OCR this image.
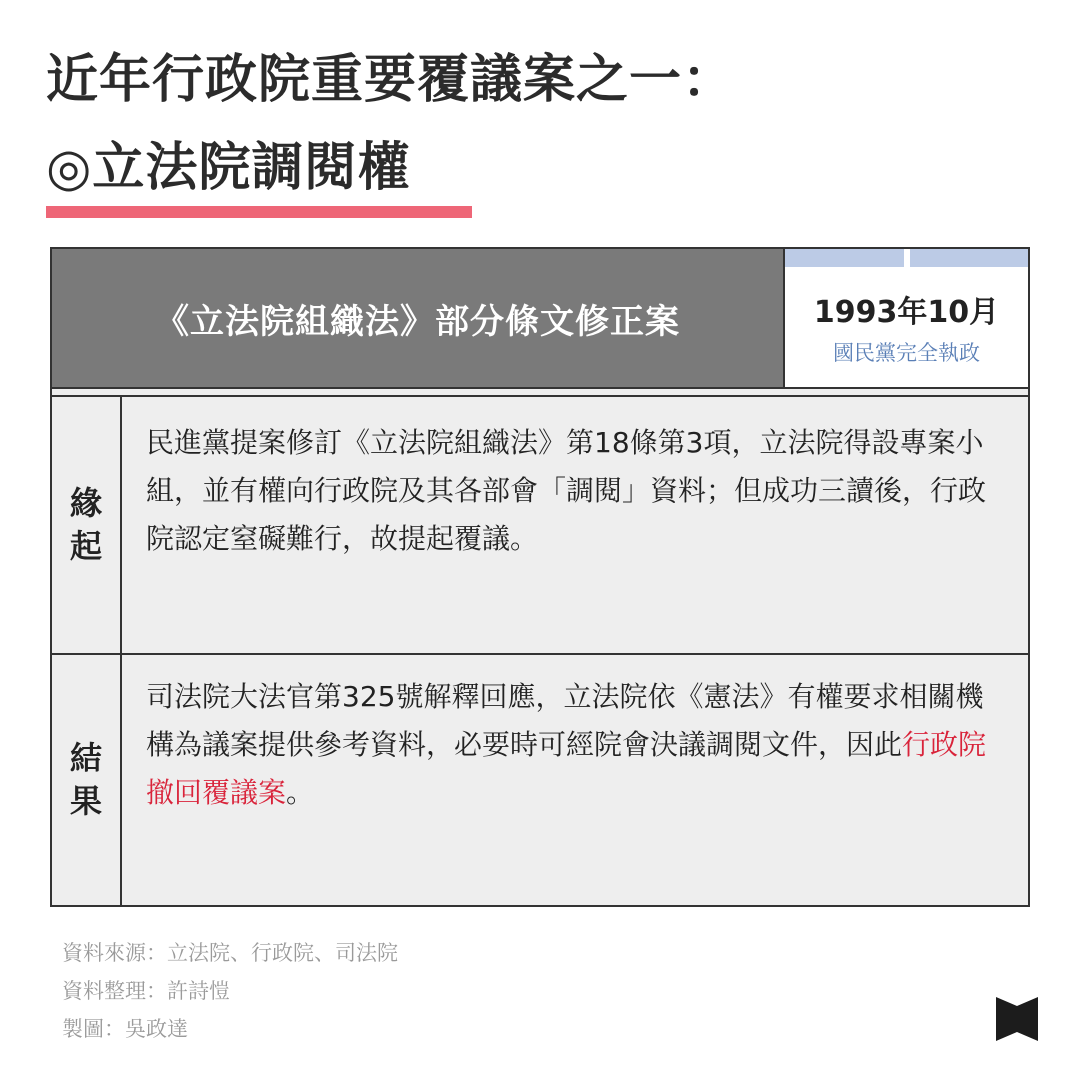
近年行政院重要覆議案之一：
◎立法院調閱權
《立法院組織法》部分條文修正案	1993年10月
國民黨完全執政
緣
起
民進黨提案修訂《立法院組織法》第18條第3項，立法院得設專案小組，並有權向行政院及其各部會「調閱」資料；但成功三讀後，行政院認定窒礙難行，故提起覆議。
結
果
司法院大法官第325號解釋回應，立法院依《憲法》有權要求相關機構為議案提供參考資料，必要時可經院會決議調閱文件，因此行政院撤回覆議案。
資料來源：立法院、行政院、司法院
資料整理：許詩愷
製圖：吳政達
